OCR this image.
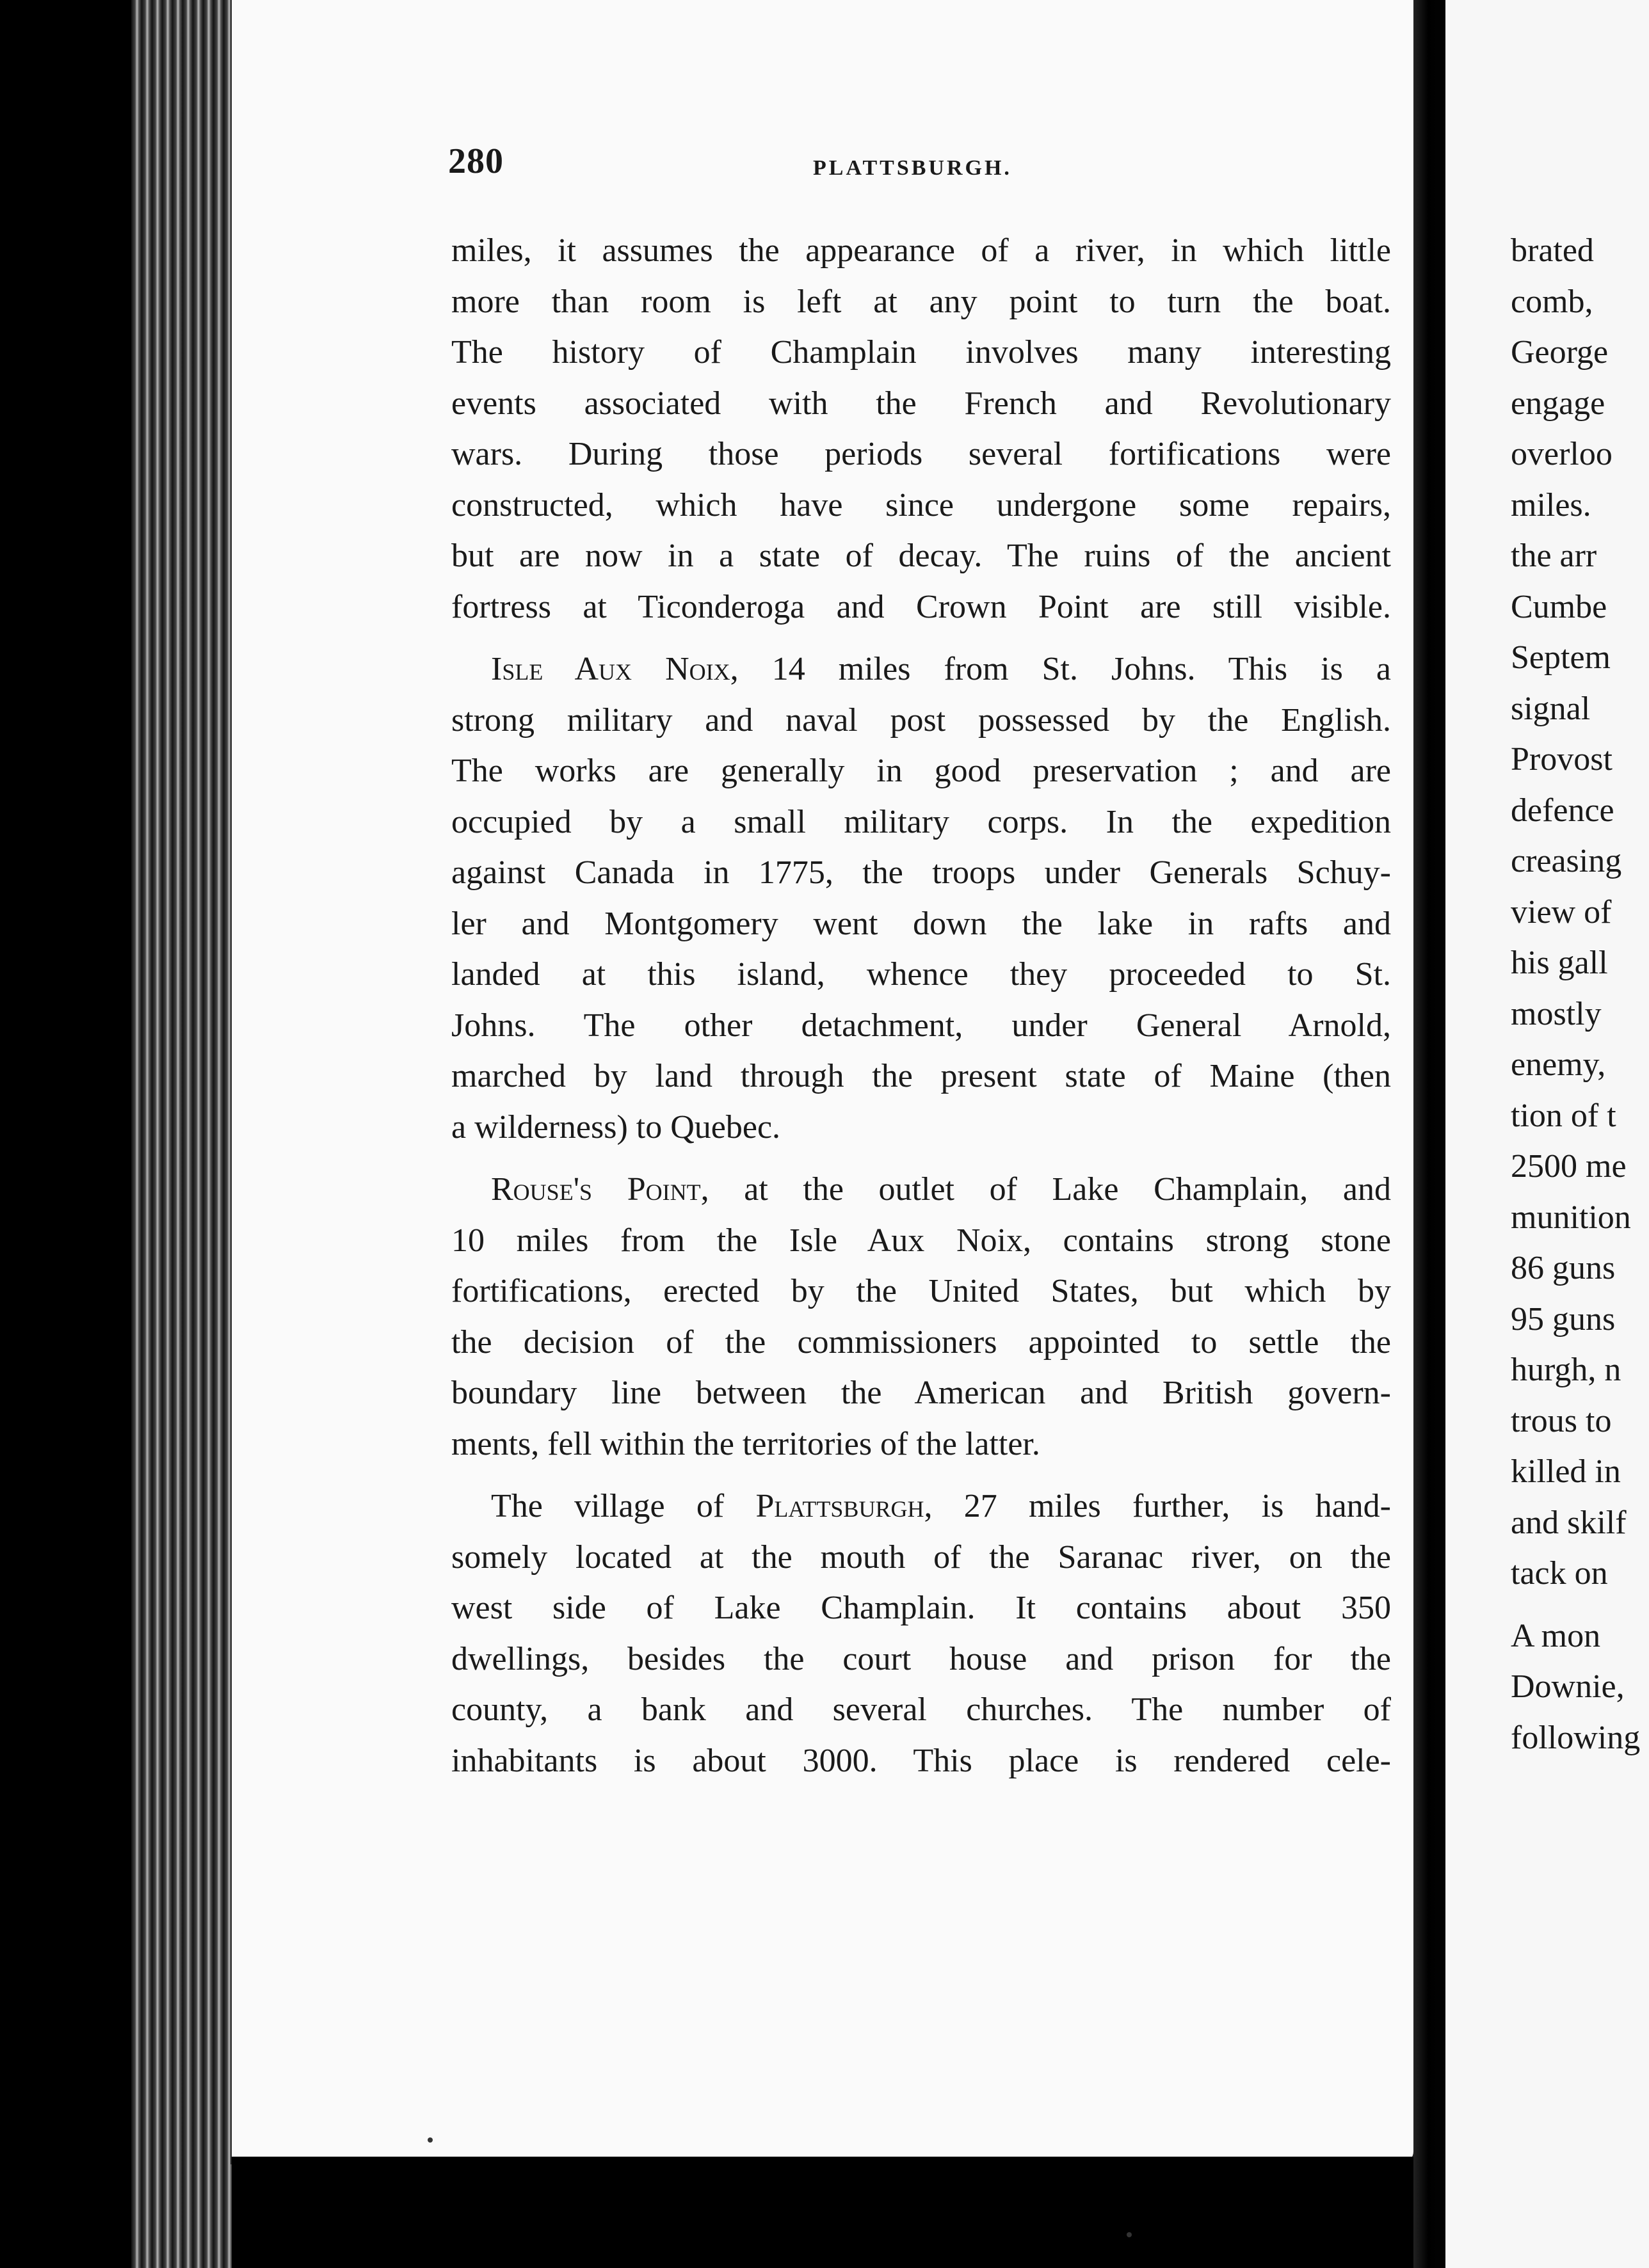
280	PLATTSBURGH.

miles, it assumes the appearance of a river, in which little
more than room is left at any point to turn the boat.
The history of Champlain involves many interesting
events associated with the French and Revolutionary
wars. During those periods several fortifications were
constructed, which have since undergone some repairs,
but are now in a state of decay. The ruins of the ancient
fortress at Ticonderoga and Crown Point are still visible.

Isle Aux Noix, 14 miles from St. Johns. This is a
strong military and naval post possessed by the English.
The works are generally in good preservation ; and are
occupied by a small military corps. In the expedition
against Canada in 1775, the troops under Generals Schuy-
ler and Montgomery went down the lake in rafts and
landed at this island, whence they proceeded to St.
Johns. The other detachment, under General Arnold,
marched by land through the present state of Maine (then
a wilderness) to Quebec.

Rouse's Point, at the outlet of Lake Champlain, and
10 miles from the Isle Aux Noix, contains strong stone
fortifications, erected by the United States, but which by
the decision of the commissioners appointed to settle the
boundary line between the American and British govern-
ments, fell within the territories of the latter.

The village of Plattsburgh, 27 miles further, is hand-
somely located at the mouth of the Saranac river, on the
west side of Lake Champlain. It contains about 350
dwellings, besides the court house and prison for the
county, a bank and several churches. The number of
inhabitants is about 3000. This place is rendered cele-

brated
comb,
George
engage
overloo
miles.
the arr
Cumbe
Septem
signal
Provost
defence
creasing
view of
his gall
mostly
enemy,
tion of t
2500 me
munition
86 guns
95 guns
hurgh, n
trous to
killed in
and skilf
tack on
A mon
Downie,
following
